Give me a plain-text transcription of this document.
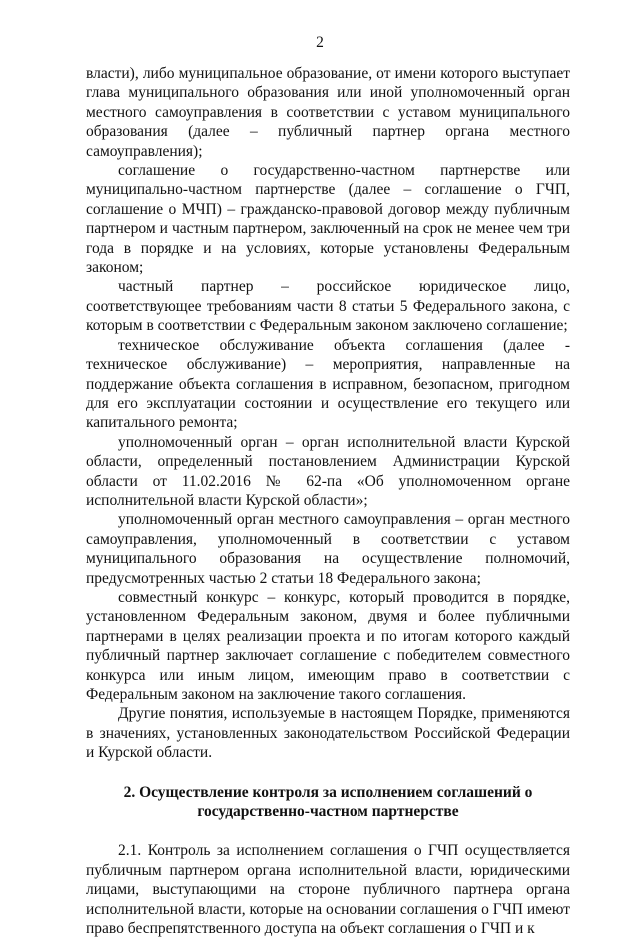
2

власти), либо муниципальное образование, от имени которого выступает глава муниципального образования или иной уполномоченный орган местного самоуправления в соответствии с уставом муниципального образования (далее – публичный партнер органа местного самоуправления);

соглашение о государственно-частном партнерстве или муниципально-частном партнерстве (далее – соглашение о ГЧП, соглашение о МЧП) – гражданско-правовой договор между публичным партнером и частным партнером, заключенный на срок не менее чем три года в порядке и на условиях, которые установлены Федеральным законом;

частный партнер – российское юридическое лицо, соответствующее требованиям части 8 статьи 5 Федерального закона, с которым в соответствии с Федеральным законом заключено соглашение;

техническое обслуживание объекта соглашения (далее - техническое обслуживание) – мероприятия, направленные на поддержание объекта соглашения в исправном, безопасном, пригодном для его эксплуатации состоянии и осуществление его текущего или капитального ремонта;

уполномоченный орган – орган исполнительной власти Курской области, определенный постановлением Администрации Курской области от 11.02.2016 № 62-па «Об уполномоченном органе исполнительной власти Курской области»;

уполномоченный орган местного самоуправления – орган местного самоуправления, уполномоченный в соответствии с уставом муниципального образования на осуществление полномочий, предусмотренных частью 2 статьи 18 Федерального закона;

совместный конкурс – конкурс, который проводится в порядке, установленном Федеральным законом, двумя и более публичными партнерами в целях реализации проекта и по итогам которого каждый публичный партнер заключает соглашение с победителем совместного конкурса или иным лицом, имеющим право в соответствии с Федеральным законом на заключение такого соглашения.

Другие понятия, используемые в настоящем Порядке, применяются в значениях, установленных законодательством Российской Федерации и Курской области.

2. Осуществление контроля за исполнением соглашений о государственно-частном партнерстве

2.1. Контроль за исполнением соглашения о ГЧП осуществляется публичным партнером органа исполнительной власти, юридическими лицами, выступающими на стороне публичного партнера органа исполнительной власти, которые на основании соглашения о ГЧП имеют право беспрепятственного доступа на объект соглашения о ГЧП и к
